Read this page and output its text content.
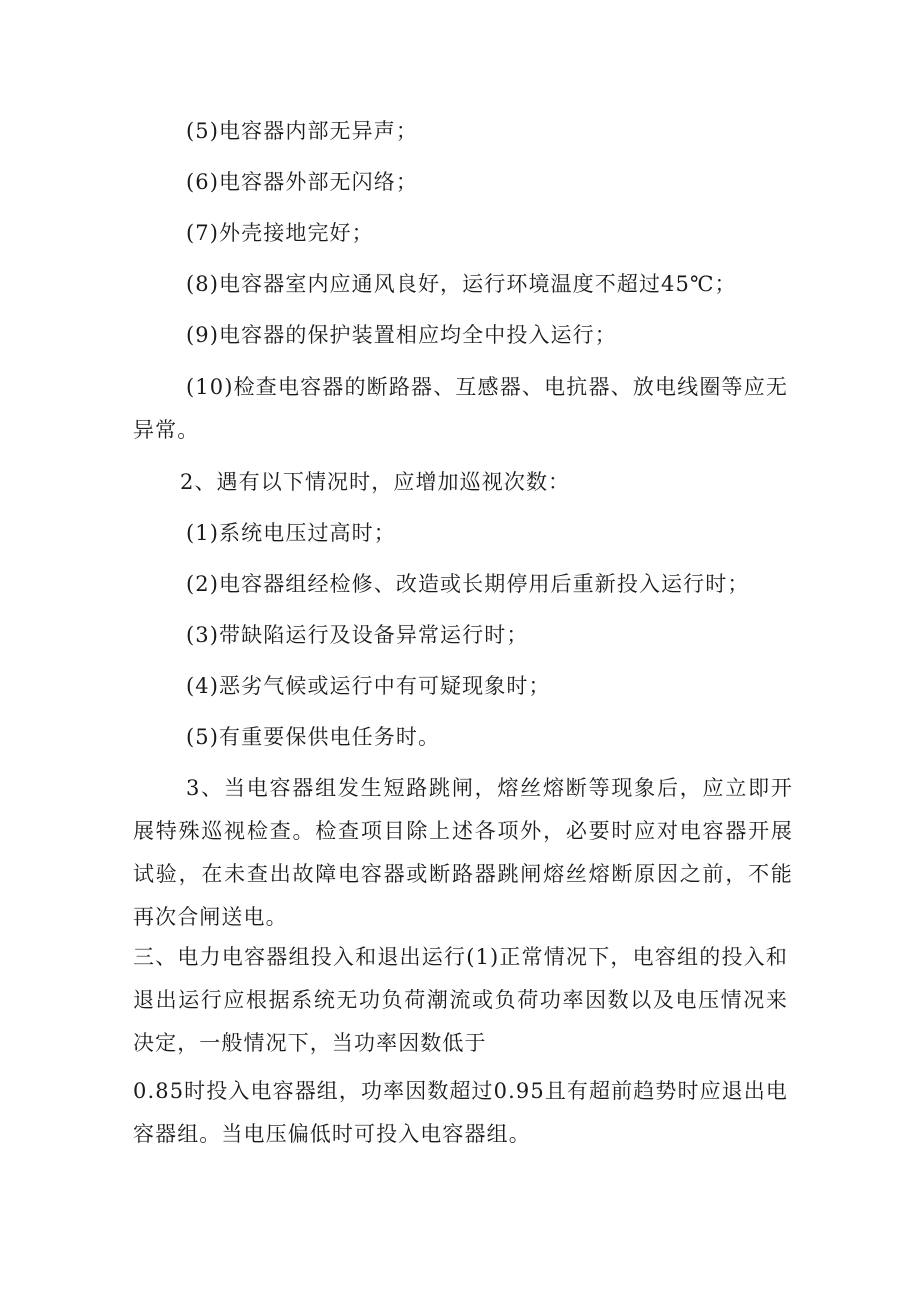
(5)电容器内部无异声；
(6)电容器外部无闪络；
(7)外壳接地完好；
(8)电容器室内应通风良好，运行环境温度不超过45℃；
(9)电容器的保护装置相应均全中投入运行；
(10)检查电容器的断路器、互感器、电抗器、放电线圈等应无异常。
2、遇有以下情况时，应增加巡视次数：
(1)系统电压过高时；
(2)电容器组经检修、改造或长期停用后重新投入运行时；
(3)带缺陷运行及设备异常运行时；
(4)恶劣气候或运行中有可疑现象时；
(5)有重要保供电任务时。
3、当电容器组发生短路跳闸，熔丝熔断等现象后，应立即开展特殊巡视检查。检查项目除上述各项外，必要时应对电容器开展试验，在未查出故障电容器或断路器跳闸熔丝熔断原因之前，不能再次合闸送电。
三、电力电容器组投入和退出运行(1)正常情况下，电容组的投入和退出运行应根据系统无功负荷潮流或负荷功率因数以及电压情况来决定，一般情况下，当功率因数低于
0.85时投入电容器组，功率因数超过0.95且有超前趋势时应退出电容器组。当电压偏低时可投入电容器组。
